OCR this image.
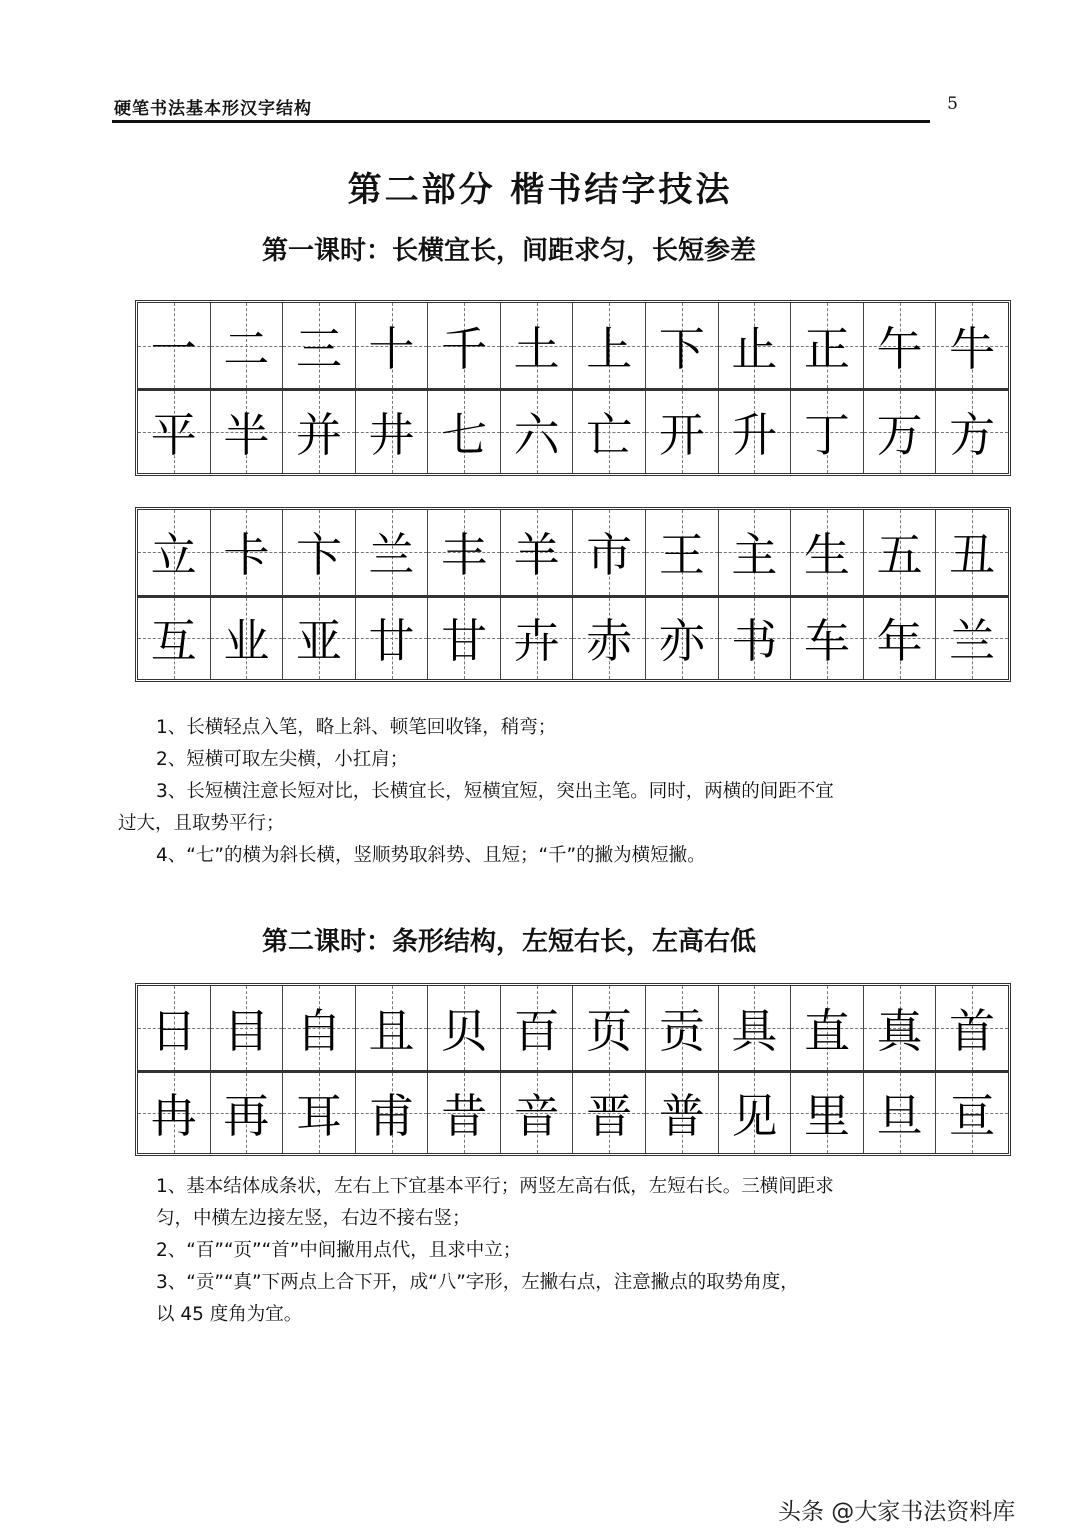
硬笔书法基本形汉字结构	5
第二部分 楷书结字技法
第一课时：长横宜长，间距求匀，长短参差
一 二 三 十 千 土 上 下 止 正 午 牛
平 半 并 井 七 六 亡 开 升 丁 万 方
立 卡 卞 兰 丰 羊 市 王 主 生 五 丑
互 业 亚 廿 甘 卉 赤 亦 书 车 年 兰

1、长横轻点入笔，略上斜、顿笔回收锋，稍弯；

2、短横可取左尖横，小扛肩；

3、长短横注意长短对比，长横宜长，短横宜短，突出主笔。同时，两横的间距不宜

过大，且取势平行；

4、“七”的横为斜长横，竖顺势取斜势、且短；“千”的撇为横短撇。

第二课时：条形结构，左短右长，左高右低
日 目 自 且 贝 百 页 贡 具 直 真 首
冉 再 耳 甫 昔 音 晋 普 见 里 旦 亘

1、基本结体成条状，左右上下宜基本平行；两竖左高右低，左短右长。三横间距求

匀，中横左边接左竖，右边不接右竖；

2、“百”“页”“首”中间撇用点代，且求中立；

3、“贡”“真”下两点上合下开，成“八”字形，左撇右点，注意撇点的取势角度，

以 45 度角为宜。

头条 @大家书法资料库
